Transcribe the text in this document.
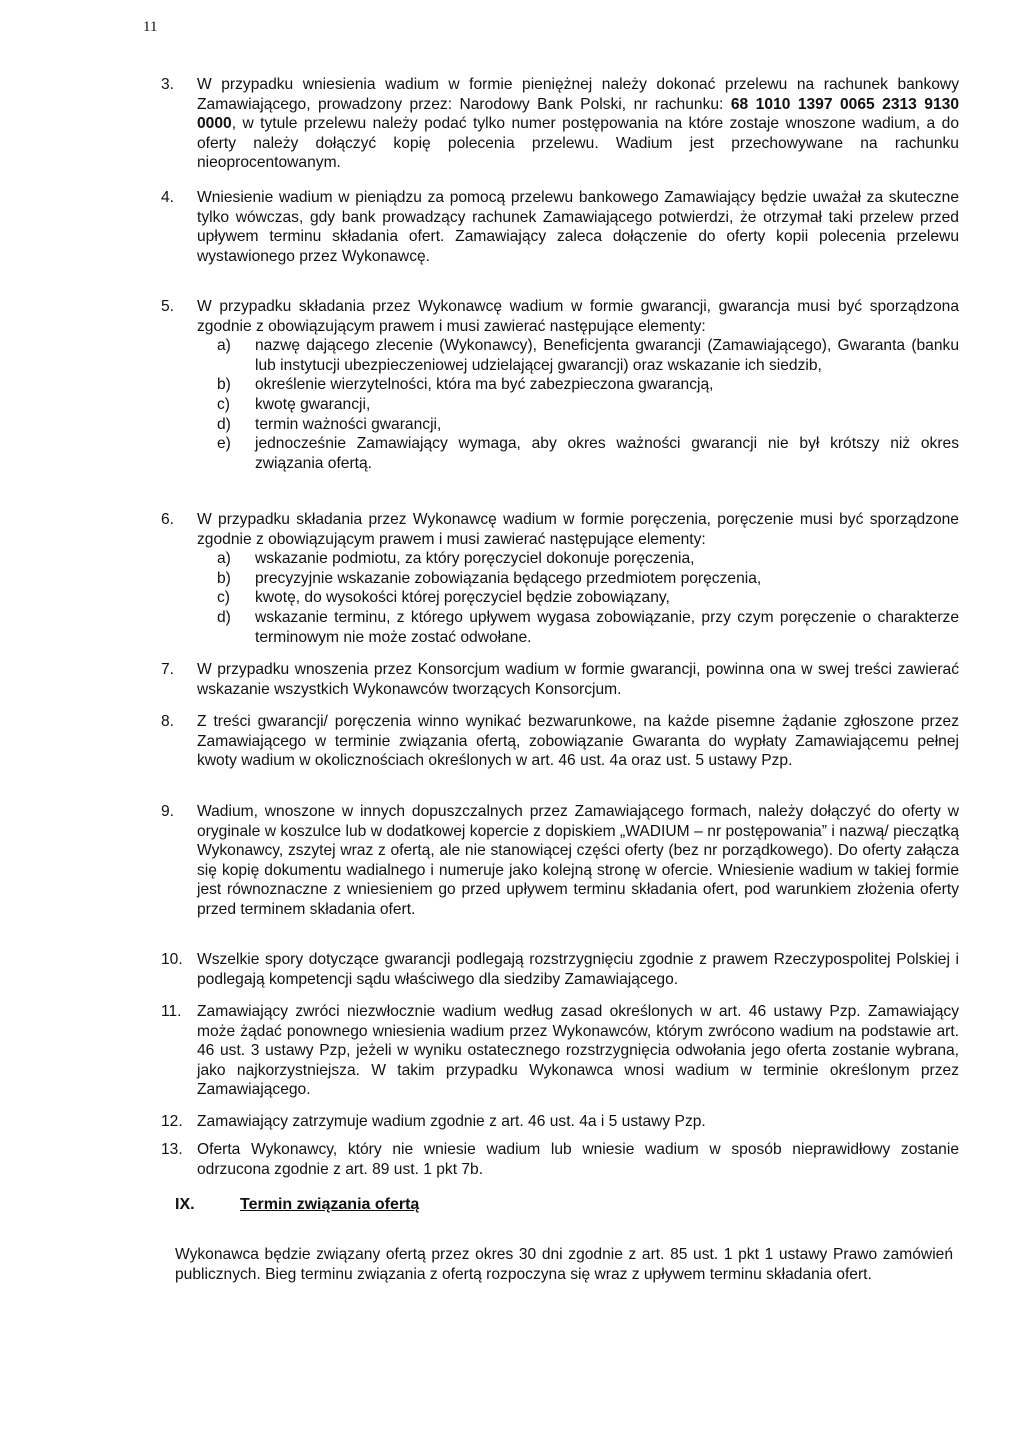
11
3. W przypadku wniesienia wadium w formie pieniężnej należy dokonać przelewu na rachunek bankowy Zamawiającego, prowadzony przez: Narodowy Bank Polski, nr rachunku: 68 1010 1397 0065 2313 9130 0000, w tytule przelewu należy podać tylko numer postępowania na które zostaje wnoszone wadium, a do oferty należy dołączyć kopię polecenia przelewu. Wadium jest przechowywane na rachunku nieoprocentowanym.
4. Wniesienie wadium w pieniądzu za pomocą przelewu bankowego Zamawiający będzie uważał za skuteczne tylko wówczas, gdy bank prowadzący rachunek Zamawiającego potwierdzi, że otrzymał taki przelew przed upływem terminu składania ofert. Zamawiający zaleca dołączenie do oferty kopii polecenia przelewu wystawionego przez Wykonawcę.
5. W przypadku składania przez Wykonawcę wadium w formie gwarancji, gwarancja musi być sporządzona zgodnie z obowiązującym prawem i musi zawierać następujące elementy:
a) nazwę dającego zlecenie (Wykonawcy), Beneficjenta gwarancji (Zamawiającego), Gwaranta (banku lub instytucji ubezpieczeniowej udzielającej gwarancji) oraz wskazanie ich siedzib,
b) określenie wierzytelności, która ma być zabezpieczona gwarancją,
c) kwotę gwarancji,
d) termin ważności gwarancji,
e) jednocześnie Zamawiający wymaga, aby okres ważności gwarancji nie był krótszy niż okres związania ofertą.
6. W przypadku składania przez Wykonawcę wadium w formie poręczenia, poręczenie musi być sporządzone zgodnie z obowiązującym prawem i musi zawierać następujące elementy:
a) wskazanie podmiotu, za który poręczyciel dokonuje poręczenia,
b) precyzyjnie wskazanie zobowiązania będącego przedmiotem poręczenia,
c) kwotę, do wysokości której poręczyciel będzie zobowiązany,
d) wskazanie terminu, z którego upływem wygasa zobowiązanie, przy czym poręczenie o charakterze terminowym nie może zostać odwołane.
7. W przypadku wnoszenia przez Konsorcjum wadium w formie gwarancji, powinna ona w swej treści zawierać wskazanie wszystkich Wykonawców tworzących Konsorcjum.
8. Z treści gwarancji/ poręczenia winno wynikać bezwarunkowe, na każde pisemne żądanie zgłoszone przez Zamawiającego w terminie związania ofertą, zobowiązanie Gwaranta do wypłaty Zamawiającemu pełnej kwoty wadium w okolicznościach określonych w art. 46 ust. 4a oraz ust. 5 ustawy Pzp.
9. Wadium, wnoszone w innych dopuszczalnych przez Zamawiającego formach, należy dołączyć do oferty w oryginale w koszulce lub w dodatkowej kopercie z dopiskiem „WADIUM – nr postępowania” i nazwą/ pieczątką Wykonawcy, zszytej wraz z ofertą, ale nie stanowiącej części oferty (bez nr porządkowego). Do oferty załącza się kopię dokumentu wadialnego i numeruje jako kolejną stronę w ofercie. Wniesienie wadium w takiej formie jest równoznaczne z wniesieniem go przed upływem terminu składania ofert, pod warunkiem złożenia oferty przed terminem składania ofert.
10. Wszelkie spory dotyczące gwarancji podlegają rozstrzygnięciu zgodnie z prawem Rzeczypospolitej Polskiej i podlegają kompetencji sądu właściwego dla siedziby Zamawiającego.
11. Zamawiający zwróci niezwłocznie wadium według zasad określonych w art. 46 ustawy Pzp. Zamawiający może żądać ponownego wniesienia wadium przez Wykonawców, którym zwrócono wadium na podstawie art. 46 ust. 3 ustawy Pzp, jeżeli w wyniku ostatecznego rozstrzygnięcia odwołania jego oferta zostanie wybrana, jako najkorzystniejsza. W takim przypadku Wykonawca wnosi wadium w terminie określonym przez Zamawiającego.
12. Zamawiający zatrzymuje wadium zgodnie z art. 46 ust. 4a i 5 ustawy Pzp.
13. Oferta Wykonawcy, który nie wniesie wadium lub wniesie wadium w sposób nieprawidłowy zostanie odrzucona zgodnie z art. 89 ust. 1 pkt 7b.
IX.	Termin związania ofertą
Wykonawca będzie związany ofertą przez okres 30 dni zgodnie z art. 85 ust. 1 pkt 1 ustawy Prawo zamówień publicznych. Bieg terminu związania z ofertą rozpoczyna się wraz z upływem terminu składania ofert.
